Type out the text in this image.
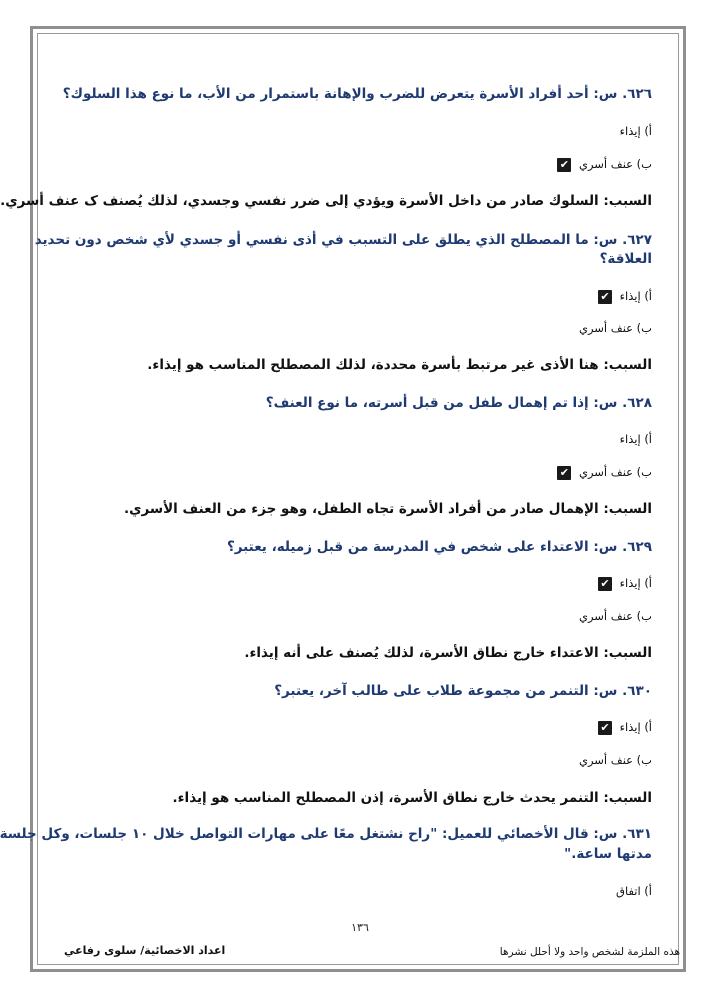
٦٢٦. س: أحد أفراد الأسرة يتعرض للضرب والإهانة باستمرار من الأب، ما نوع هذا السلوك؟
أ) إيذاء
ب) عنف أسري ✔
السبب: السلوك صادر من داخل الأسرة ويؤدي إلى ضرر نفسي وجسدي، لذلك يُصنف ک عنف أسري.
٦٢٧. س: ما المصطلح الذي يطلق على التسبب في أذى نفسي أو جسدي لأي شخص دون تحديد
العلاقة؟
أ) إيذاء ✔
ب) عنف أسري
السبب: هنا الأذى غير مرتبط بأسرة محددة، لذلك المصطلح المناسب هو إيذاء.
٦٢٨. س: إذا تم إهمال طفل من قبل أسرته، ما نوع العنف؟
أ) إيذاء
ب) عنف أسري ✔
السبب: الإهمال صادر من أفراد الأسرة تجاه الطفل، وهو جزء من العنف الأسري.
٦٢٩. س: الاعتداء على شخص في المدرسة من قبل زميله، يعتبر؟
أ) إيذاء ✔
ب) عنف أسري
السبب: الاعتداء خارج نطاق الأسرة، لذلك يُصنف على أنه إيذاء.
٦٣٠. س: التنمر من مجموعة طلاب على طالب آخر، يعتبر؟
أ) إيذاء ✔
ب) عنف أسري
السبب: التنمر يحدث خارج نطاق الأسرة، إذن المصطلح المناسب هو إيذاء.
٦٣١. س: قال الأخصائي للعميل: "راح نشتغل معًا على مهارات التواصل خلال ١٠ جلسات، وكل جلسة
مدتها ساعة."
أ) اتفاق
١٣٦
اعداد الاخصائية/ سلوى رفاعي	هذه الملزمة لشخص واحد ولا أحلل نشرها
